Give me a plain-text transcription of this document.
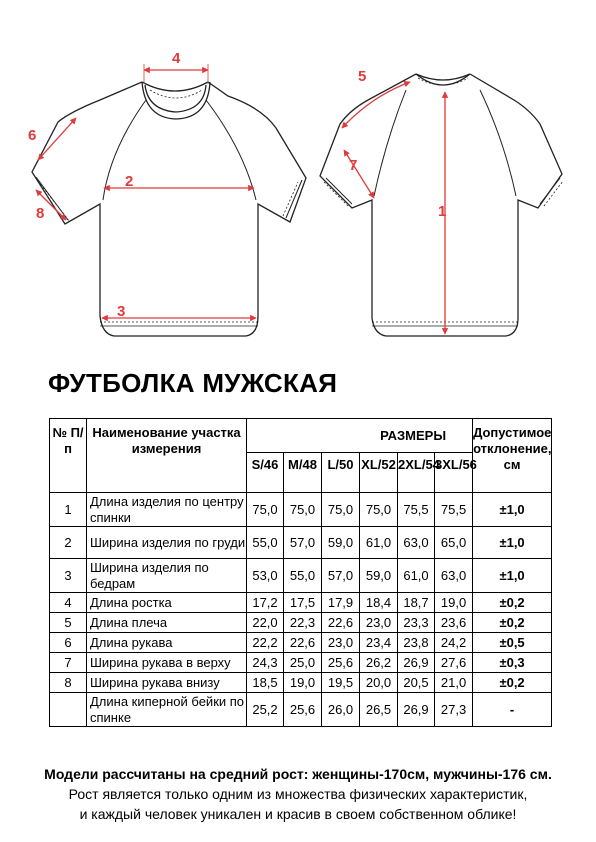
4
6
2
8
3
5
7
1
ФУТБОЛКА МУЖСКАЯ
№ П/п	Наименование участка измерения	РАЗМЕРЫ						Допустимое отклонение, см
		S/46	M/48	L/50	XL/52	2XL/54	3XL/56	
1	Длина изделия по центру спинки	75,0	75,0	75,0	75,0	75,5	75,5	±1,0
2	Ширина изделия по груди	55,0	57,0	59,0	61,0	63,0	65,0	±1,0
3	Ширина изделия по бедрам	53,0	55,0	57,0	59,0	61,0	63,0	±1,0
4	Длина ростка	17,2	17,5	17,9	18,4	18,7	19,0	±0,2
5	Длина плеча	22,0	22,3	22,6	23,0	23,3	23,6	±0,2
6	Длина рукава	22,2	22,6	23,0	23,4	23,8	24,2	±0,5
7	Ширина рукава в верху	24,3	25,0	25,6	26,2	26,9	27,6	±0,3
8	Ширина рукава внизу	18,5	19,0	19,5	20,0	20,5	21,0	±0,2
	Длина киперной бейки по спинке	25,2	25,6	26,0	26,5	26,9	27,3	-
Модели рассчитаны на средний рост: женщины-170см, мужчины-176 см.
Рост является только одним из множества физических характеристик,
и каждый человек уникален и красив в своем собственном облике!
